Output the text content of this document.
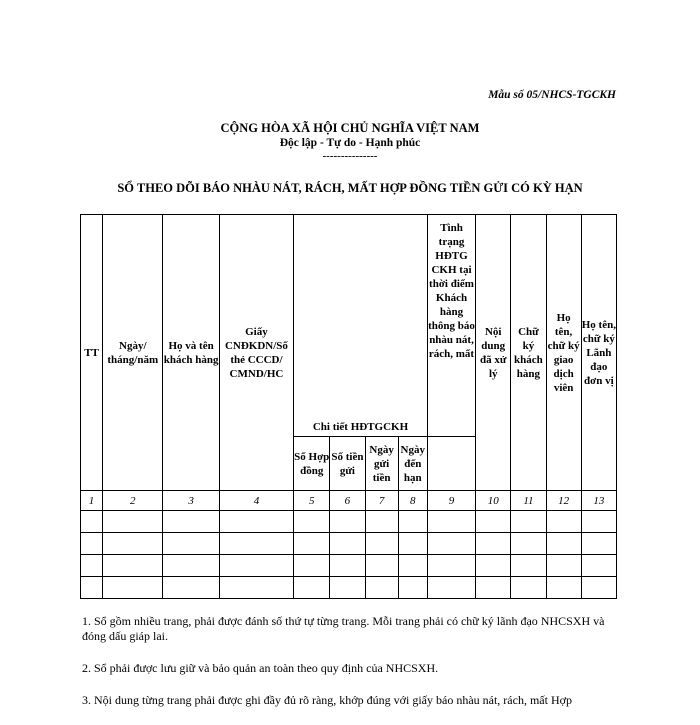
Mẫu số 05/NHCS-TGCKH
CỘNG HÒA XÃ HỘI CHỦ NGHĨA VIỆT NAM
Độc lập - Tự do - Hạnh phúc
---------------
SỔ THEO DÕI BÁO NHÀU NÁT, RÁCH, MẤT HỢP ĐỒNG TIỀN GỬI CÓ KỲ HẠN
TT	Ngày/ tháng/năm	Họ và tên khách hàng	Giấy CNĐKDN/Số thẻ CCCD/ CMND/HC	Chi tiết HĐTGCKH				Tình trạng HĐTG CKH tại thời điểm Khách hàng thông báo nhàu nát, rách, mất	Nội dung đã xử lý	Chữ ký khách hàng	Họ tên, chữ ký giao dịch viên	Họ tên, chữ ký Lãnh đạo đơn vị
				Số Hợp đồng	Số tiền gửi	Ngày gửi tiền	Ngày đến hạn					
1	2	3	4	5	6	7	8	9	10	11	12	13

1. Sổ gồm nhiều trang, phải được đánh số thứ tự từng trang. Mỗi trang phải có chữ ký lãnh đạo NHCSXH và đóng dấu giáp lai.

2. Sổ phải được lưu giữ và bảo quản an toàn theo quy định của NHCSXH.

3. Nội dung từng trang phải được ghi đầy đủ rõ ràng, khớp đúng với giấy báo nhàu nát, rách, mất Hợp
